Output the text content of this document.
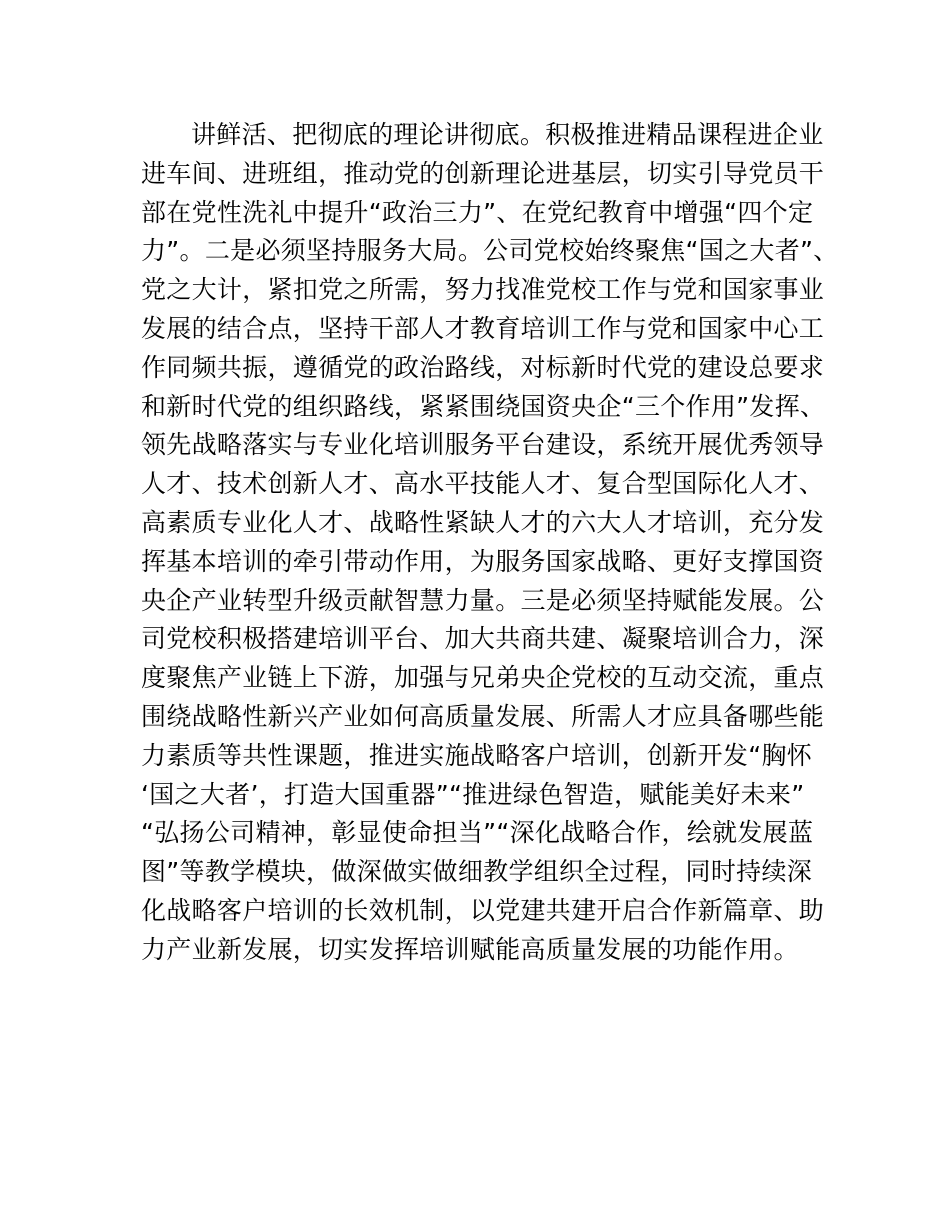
讲鲜活、把彻底的理论讲彻底。积极推进精品课程进企业
进车间、进班组，推动党的创新理论进基层，切实引导党员干
部在党性洗礼中提升“政治三力”、在党纪教育中增强“四个定
力”。二是必须坚持服务大局。公司党校始终聚焦“国之大者”、
党之大计，紧扣党之所需，努力找准党校工作与党和国家事业
发展的结合点，坚持干部人才教育培训工作与党和国家中心工
作同频共振，遵循党的政治路线，对标新时代党的建设总要求
和新时代党的组织路线，紧紧围绕国资央企“三个作用”发挥、
领先战略落实与专业化培训服务平台建设，系统开展优秀领导
人才、技术创新人才、高水平技能人才、复合型国际化人才、
高素质专业化人才、战略性紧缺人才的六大人才培训，充分发
挥基本培训的牵引带动作用，为服务国家战略、更好支撑国资
央企产业转型升级贡献智慧力量。三是必须坚持赋能发展。公
司党校积极搭建培训平台、加大共商共建、凝聚培训合力，深
度聚焦产业链上下游，加强与兄弟央企党校的互动交流，重点
围绕战略性新兴产业如何高质量发展、所需人才应具备哪些能
力素质等共性课题，推进实施战略客户培训，创新开发“胸怀
‘国之大者’，打造大国重器”“推进绿色智造，赋能美好未来”
“弘扬公司精神，彰显使命担当”“深化战略合作，绘就发展蓝
图”等教学模块，做深做实做细教学组织全过程，同时持续深
化战略客户培训的长效机制，以党建共建开启合作新篇章、助
力产业新发展，切实发挥培训赋能高质量发展的功能作用。
